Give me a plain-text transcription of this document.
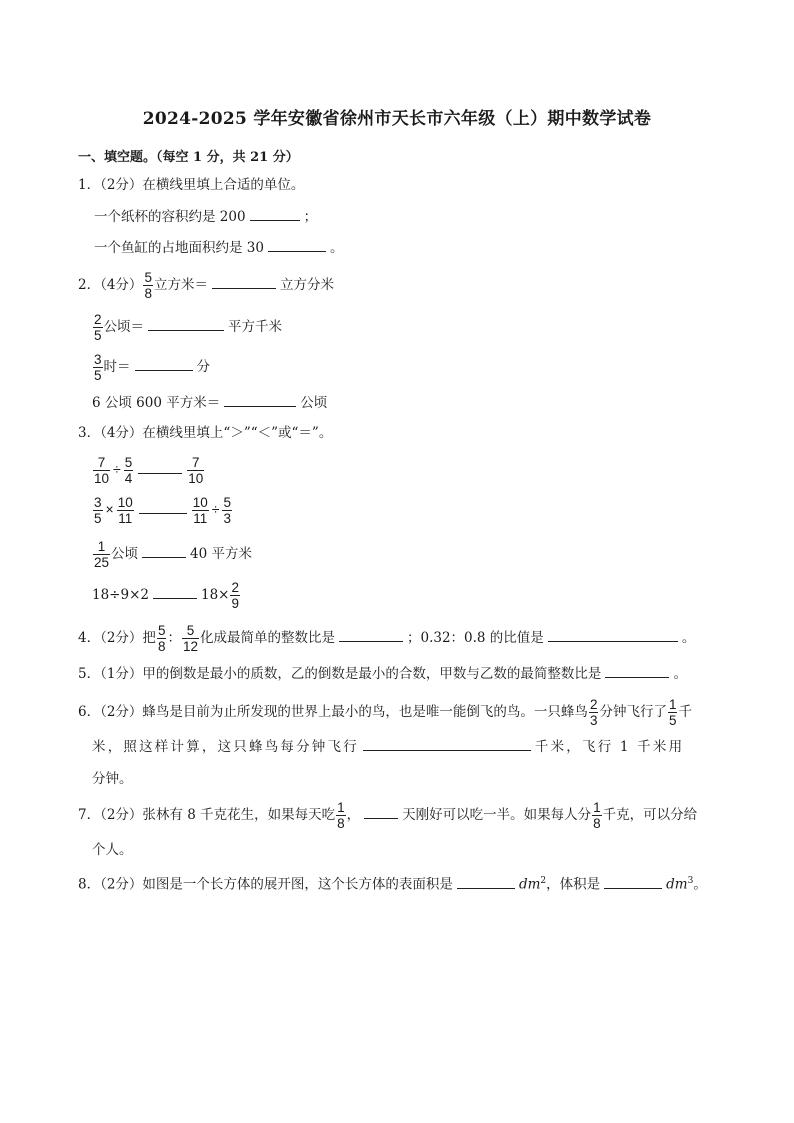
2024-2025 学年安徽省徐州市天长市六年级（上）期中数学试卷
一、填空题。（每空 1 分，共 21 分）
1．（2分）在横线里填上合适的单位。
一个纸杯的容积约是 200	；
一个鱼缸的占地面积约是 30	。
2．（4分） $\frac{5}{8}$ 立方米＝	立方分米
$\frac{2}{5}$ 公顷＝	平方千米
$\frac{3}{5}$ 时＝	分
6 公顷 600 平方米＝	公顷
3．（4分）在横线里填上“＞”“＜”或“＝”。
$\frac{7}{10} \div \frac{5}{4}$	$\frac{7}{10}$
$\frac{3}{5} \times \frac{10}{11}$	$\frac{10}{11} \div \frac{5}{3}$
$\frac{1}{25}$ 公顷	40 平方米
18÷9×2	$18\times \frac{2}{9}$
4．（2分）把 $\frac{5}{8}$ ： $\frac{5}{12}$ 化成最简单的整数比是	；0.32：0.8 的比值是	。
5．（1分）甲的倒数是最小的质数，乙的倒数是最小的合数，甲数与乙数的最简整数比是	。
6．（2分）蜂鸟是目前为止所发现的世界上最小的鸟，也是唯一能倒飞的鸟。一只蜂鸟 $\frac{2}{3}$ 分钟飞行了 $\frac{1}{5}$ 千
米，照这样计算，这只蜂鸟每分钟飞行	千米，飞行 1 千米用
分钟。
7．（2分）张林有 8 千克花生，如果每天吃 $\frac{1}{8}$ ，	天刚好可以吃一半。如果每人分 $\frac{1}{8}$ 千克，可以分给
个人。
8．（2分）如图是一个长方体的展开图，这个长方体的表面积是	$dm^2$，体积是	$dm^3$。
